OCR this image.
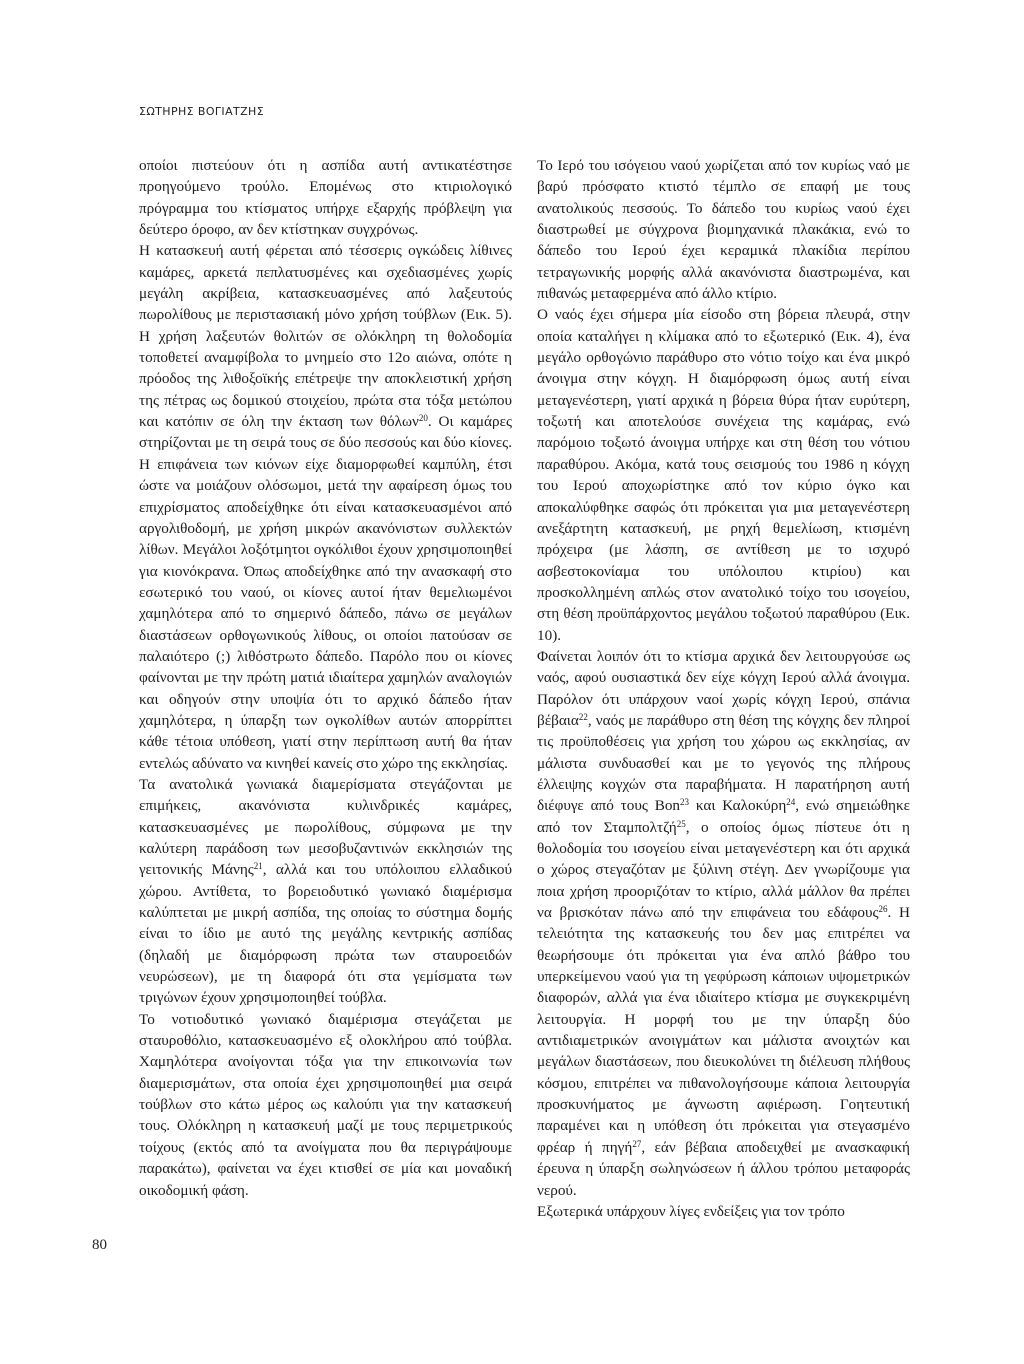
ΣΩΤΗΡΗΣ ΒΟΓΙΑΤΖΗΣ

οποίοι πιστεύουν ότι η ασπίδα αυτή αντικατέστησε προηγούμενο τρούλο. Επομένως στο κτιριολογικό πρόγραμμα του κτίσματος υπήρχε εξαρχής πρόβλεψη για δεύτερο όροφο, αν δεν κτίστηκαν συγχρόνως.

Η κατασκευή αυτή φέρεται από τέσσερις ογκώδεις λίθινες καμάρες, αρκετά πεπλατυσμένες και σχεδιασμένες χωρίς μεγάλη ακρίβεια, κατασκευασμένες από λαξευτούς πωρολίθους με περιστασιακή μόνο χρήση τούβλων (Εικ. 5). Η χρήση λαξευτών θολιτών σε ολόκληρη τη θολοδομία τοποθετεί αναμφίβολα το μνημείο στο 12ο αιώνα, οπότε η πρόοδος της λιθοξοϊκής επέτρεψε την αποκλειστική χρήση της πέτρας ως δομικού στοιχείου, πρώτα στα τόξα μετώπου και κατόπιν σε όλη την έκταση των θόλων$^{20}$. Οι καμάρες στηρίζονται με τη σειρά τους σε δύο πεσσούς και δύο κίονες. Η επιφάνεια των κιόνων είχε διαμορφωθεί καμπύλη, έτσι ώστε να μοιάζουν ολόσωμοι, μετά την αφαίρεση όμως του επιχρίσματος αποδείχθηκε ότι είναι κατασκευασμένοι από αργολιθοδομή, με χρήση μικρών ακανόνιστων συλλεκτών λίθων. Μεγάλοι λοξότμητοι ογκόλιθοι έχουν χρησιμοποιηθεί για κιονόκρανα. Όπως αποδείχθηκε από την ανασκαφή στο εσωτερικό του ναού, οι κίονες αυτοί ήταν θεμελιωμένοι χαμηλότερα από το σημερινό δάπεδο, πάνω σε μεγάλων διαστάσεων ορθογωνικούς λίθους, οι οποίοι πατούσαν σε παλαιότερο (;) λιθόστρωτο δάπεδο. Παρόλο που οι κίονες φαίνονται με την πρώτη ματιά ιδιαίτερα χαμηλών αναλογιών και οδηγούν στην υποψία ότι το αρχικό δάπεδο ήταν χαμηλότερα, η ύπαρξη των ογκολίθων αυτών απορρίπτει κάθε τέτοια υπόθεση, γιατί στην περίπτωση αυτή θα ήταν εντελώς αδύνατο να κινηθεί κανείς στο χώρο της εκκλησίας.

Τα ανατολικά γωνιακά διαμερίσματα στεγάζονται με επιμήκεις, ακανόνιστα κυλινδρικές καμάρες, κατασκευασμένες με πωρολίθους, σύμφωνα με την καλύτερη παράδοση των μεσοβυζαντινών εκκλησιών της γειτονικής Μάνης$^{21}$, αλλά και του υπόλοιπου ελλαδικού χώρου. Αντίθετα, το βορειοδυτικό γωνιακό διαμέρισμα καλύπτεται με μικρή ασπίδα, της οποίας το σύστημα δομής είναι το ίδιο με αυτό της μεγάλης κεντρικής ασπίδας (δηλαδή με διαμόρφωση πρώτα των σταυροειδών νευρώσεων), με τη διαφορά ότι στα γεμίσματα των τριγώνων έχουν χρησιμοποιηθεί τούβλα.

Το νοτιοδυτικό γωνιακό διαμέρισμα στεγάζεται με σταυροθόλιο, κατασκευασμένο εξ ολοκλήρου από τούβλα. Χαμηλότερα ανοίγονται τόξα για την επικοινωνία των διαμερισμάτων, στα οποία έχει χρησιμοποιηθεί μια σειρά τούβλων στο κάτω μέρος ως καλούπι για την κατασκευή τους. Ολόκληρη η κατασκευή μαζί με τους περιμετρικούς τοίχους (εκτός από τα ανοίγματα που θα περιγράψουμε παρακάτω), φαίνεται να έχει κτισθεί σε μία και μοναδική οικοδομική φάση.

Το Ιερό του ισόγειου ναού χωρίζεται από τον κυρίως ναό με βαρύ πρόσφατο κτιστό τέμπλο σε επαφή με τους ανατολικούς πεσσούς. Το δάπεδο του κυρίως ναού έχει διαστρωθεί με σύγχρονα βιομηχανικά πλακάκια, ενώ το δάπεδο του Ιερού έχει κεραμικά πλακίδια περίπου τετραγωνικής μορφής αλλά ακανόνιστα διαστρωμένα, και πιθανώς μεταφερμένα από άλλο κτίριο.

Ο ναός έχει σήμερα μία είσοδο στη βόρεια πλευρά, στην οποία καταλήγει η κλίμακα από το εξωτερικό (Εικ. 4), ένα μεγάλο ορθογώνιο παράθυρο στο νότιο τοίχο και ένα μικρό άνοιγμα στην κόγχη. Η διαμόρφωση όμως αυτή είναι μεταγενέστερη, γιατί αρχικά η βόρεια θύρα ήταν ευρύτερη, τοξωτή και αποτελούσε συνέχεια της καμάρας, ενώ παρόμοιο τοξωτό άνοιγμα υπήρχε και στη θέση του νότιου παραθύρου. Ακόμα, κατά τους σεισμούς του 1986 η κόγχη του Ιερού αποχωρίστηκε από τον κύριο όγκο και αποκαλύφθηκε σαφώς ότι πρόκειται για μια μεταγενέστερη ανεξάρτητη κατασκευή, με ρηχή θεμελίωση, κτισμένη πρόχειρα (με λάσπη, σε αντίθεση με το ισχυρό ασβεστοκονίαμα του υπόλοιπου κτιρίου) και προσκολλημένη απλώς στον ανατολικό τοίχο του ισογείου, στη θέση προϋπάρχοντος μεγάλου τοξωτού παραθύρου (Εικ. 10).

Φαίνεται λοιπόν ότι το κτίσμα αρχικά δεν λειτουργούσε ως ναός, αφού ουσιαστικά δεν είχε κόγχη Ιερού αλλά άνοιγμα. Παρόλον ότι υπάρχουν ναοί χωρίς κόγχη Ιερού, σπάνια βέβαια$^{22}$, ναός με παράθυρο στη θέση της κόγχης δεν πληροί τις προϋποθέσεις για χρήση του χώρου ως εκκλησίας, αν μάλιστα συνδυασθεί και με το γεγονός της πλήρους έλλειψης κογχών στα παραβήματα. Η παρατήρηση αυτή διέφυγε από τους Bon$^{23}$ και Καλοκύρη$^{24}$, ενώ σημειώθηκε από τον Σταμπολτζή$^{25}$, ο οποίος όμως πίστευε ότι η θολοδομία του ισογείου είναι μεταγενέστερη και ότι αρχικά ο χώρος στεγαζόταν με ξύλινη στέγη. Δεν γνωρίζουμε για ποια χρήση προοριζόταν το κτίριο, αλλά μάλλον θα πρέπει να βρισκόταν πάνω από την επιφάνεια του εδάφους$^{26}$. Η τελειότητα της κατασκευής του δεν μας επιτρέπει να θεωρήσουμε ότι πρόκειται για ένα απλό βάθρο του υπερκείμενου ναού για τη γεφύρωση κάποιων υψομετρικών διαφορών, αλλά για ένα ιδιαίτερο κτίσμα με συγκεκριμένη λειτουργία. Η μορφή του με την ύπαρξη δύο αντιδιαμετρικών ανοιγμάτων και μάλιστα ανοιχτών και μεγάλων διαστάσεων, που διευκολύνει τη διέλευση πλήθους κόσμου, επιτρέπει να πιθανολογήσουμε κάποια λειτουργία προσκυνήματος με άγνωστη αφιέρωση. Γοητευτική παραμένει και η υπόθεση ότι πρόκειται για στεγασμένο φρέαρ ή πηγή$^{27}$, εάν βέβαια αποδειχθεί με ανασκαφική έρευνα η ύπαρξη σωληνώσεων ή άλλου τρόπου μεταφοράς νερού.

Εξωτερικά υπάρχουν λίγες ενδείξεις για τον τρόπο

80
